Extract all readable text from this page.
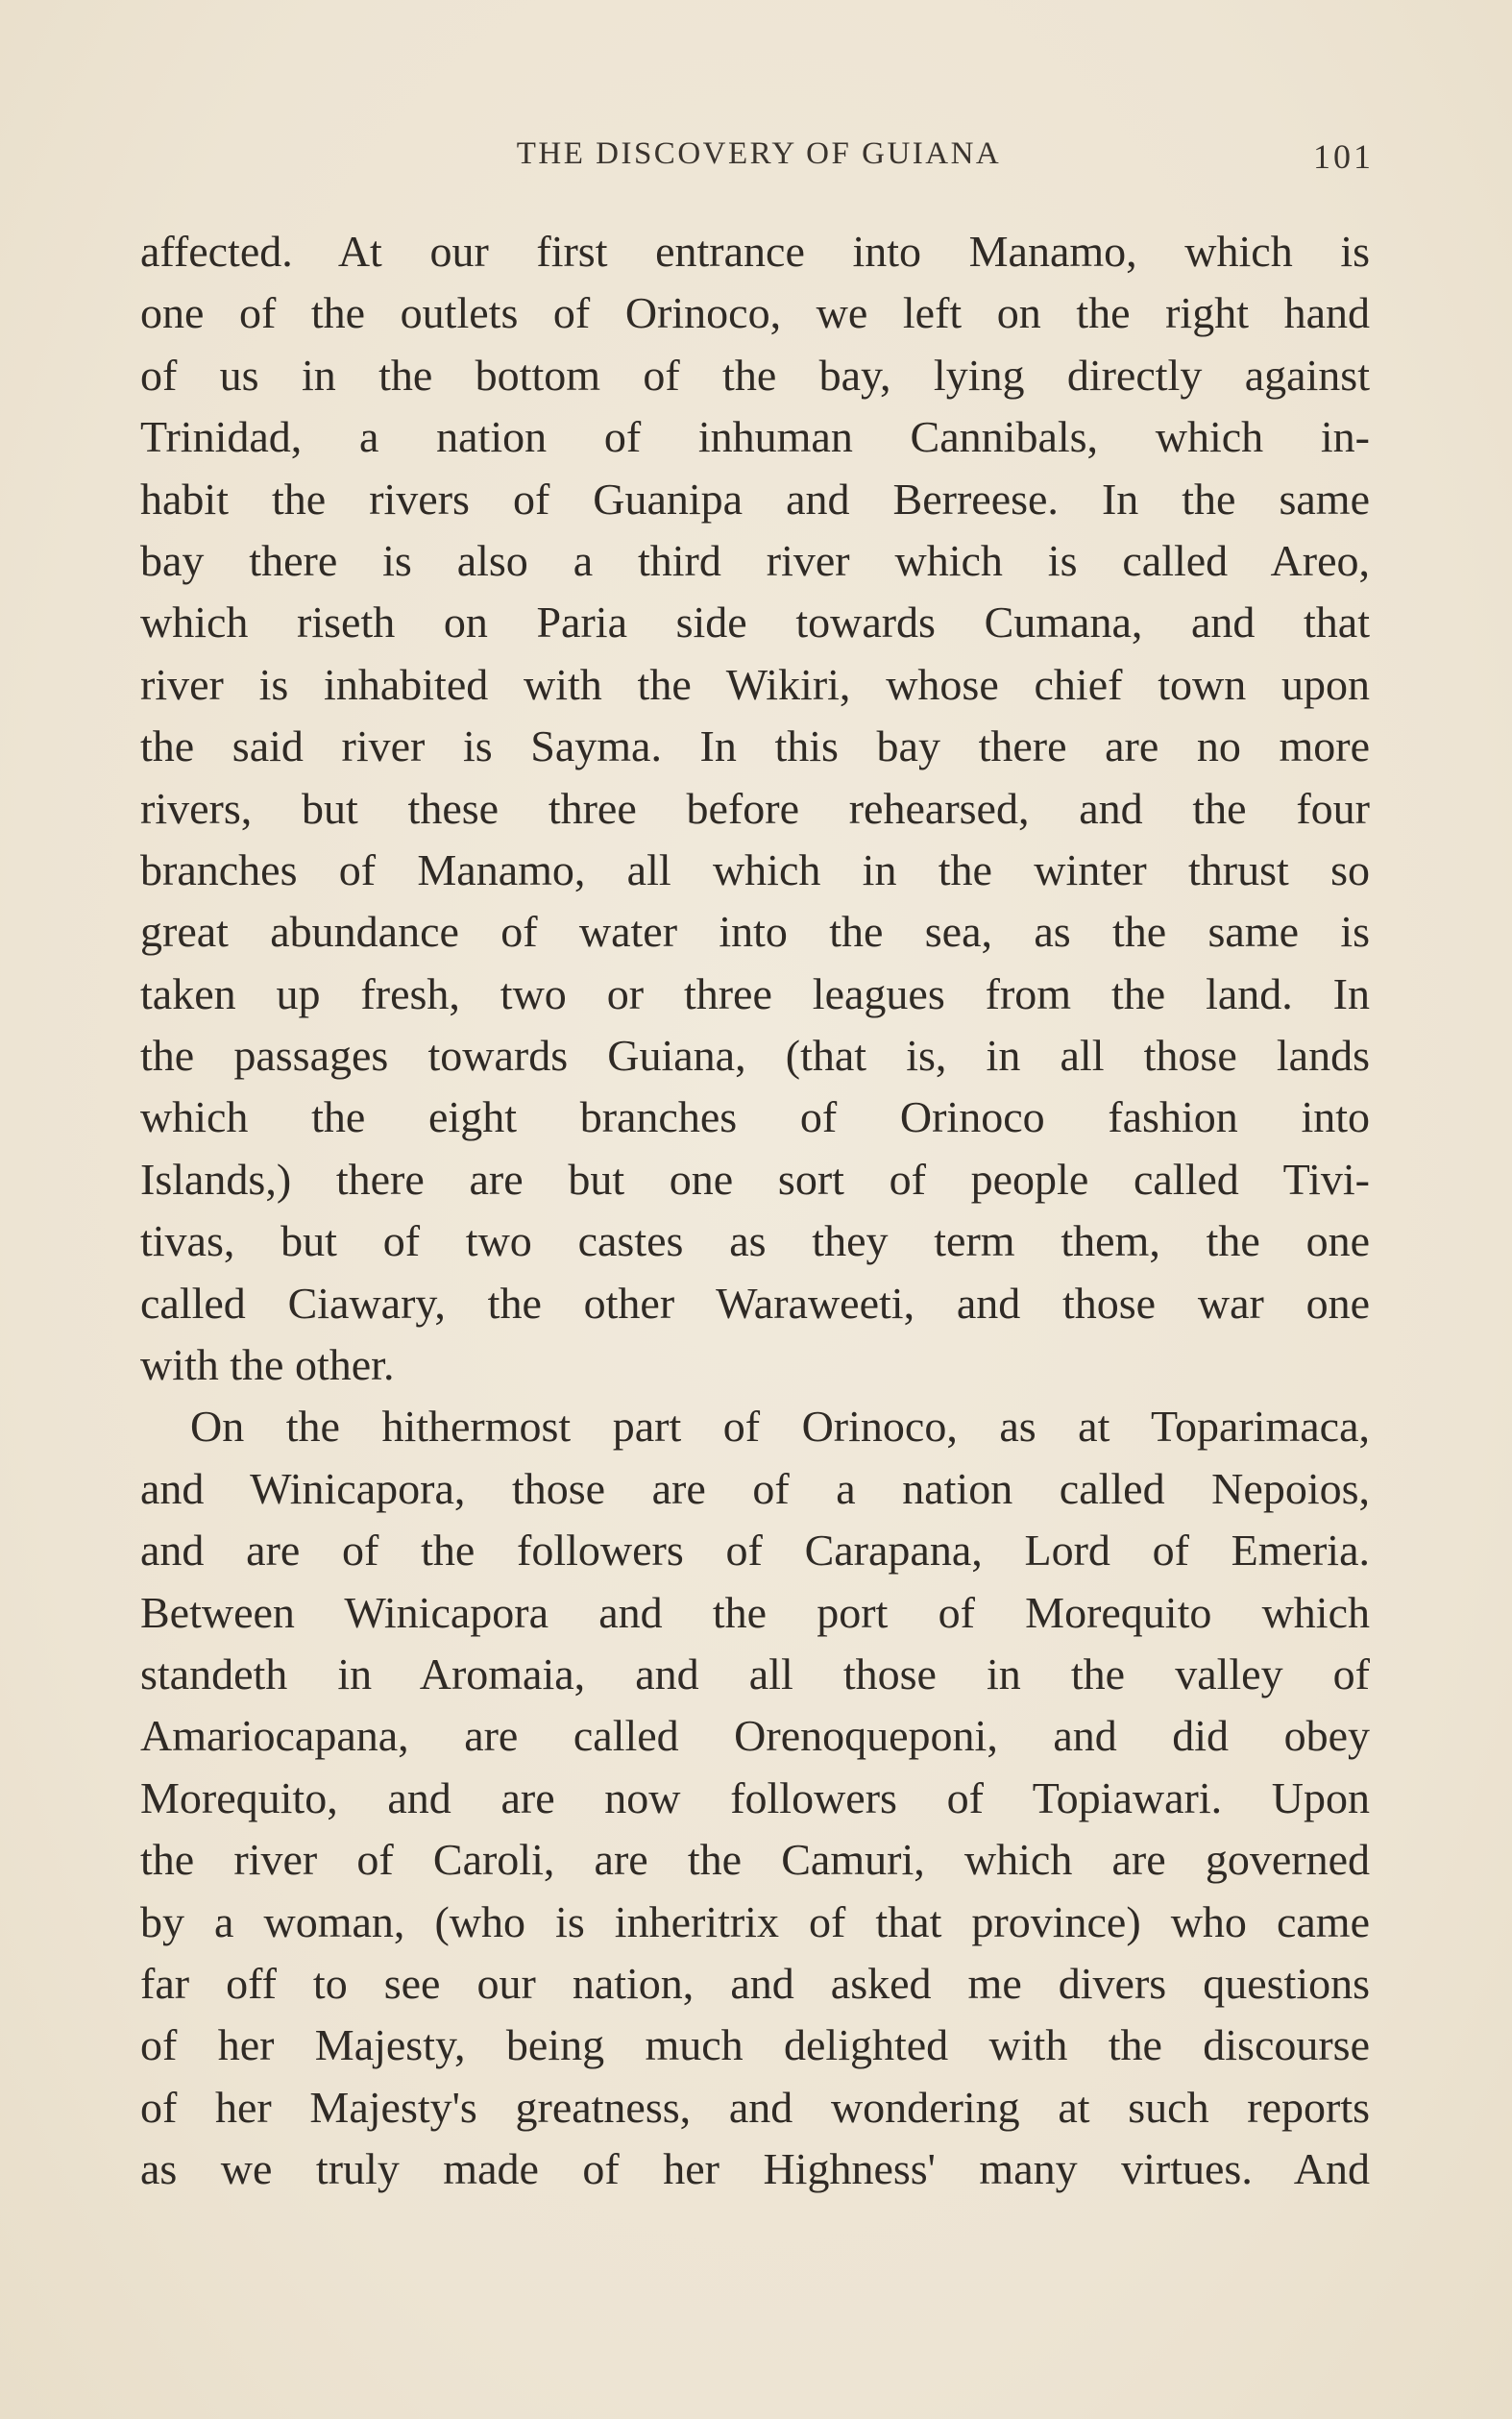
THE DISCOVERY OF GUIANA	101
affected. At our first entrance into Manamo, which is
one of the outlets of Orinoco, we left on the right hand
of us in the bottom of the bay, lying directly against
Trinidad, a nation of inhuman Cannibals, which in-
habit the rivers of Guanipa and Berreese. In the same
bay there is also a third river which is called Areo,
which riseth on Paria side towards Cumana, and that
river is inhabited with the Wikiri, whose chief town upon
the said river is Sayma. In this bay there are no more
rivers, but these three before rehearsed, and the four
branches of Manamo, all which in the winter thrust so
great abundance of water into the sea, as the same is
taken up fresh, two or three leagues from the land. In
the passages towards Guiana, (that is, in all those lands
which the eight branches of Orinoco fashion into
Islands,) there are but one sort of people called Tivi-
tivas, but of two castes as they term them, the one
called Ciawary, the other Waraweeti, and those war one
with the other.
On the hithermost part of Orinoco, as at Toparimaca,
and Winicapora, those are of a nation called Nepoios,
and are of the followers of Carapana, Lord of Emeria.
Between Winicapora and the port of Morequito which
standeth in Aromaia, and all those in the valley of
Amariocapana, are called Orenoqueponi, and did obey
Morequito, and are now followers of Topiawari. Upon
the river of Caroli, are the Camuri, which are governed
by a woman, (who is inheritrix of that province) who came
far off to see our nation, and asked me divers questions
of her Majesty, being much delighted with the discourse
of her Majesty's greatness, and wondering at such reports
as we truly made of her Highness' many virtues. And
